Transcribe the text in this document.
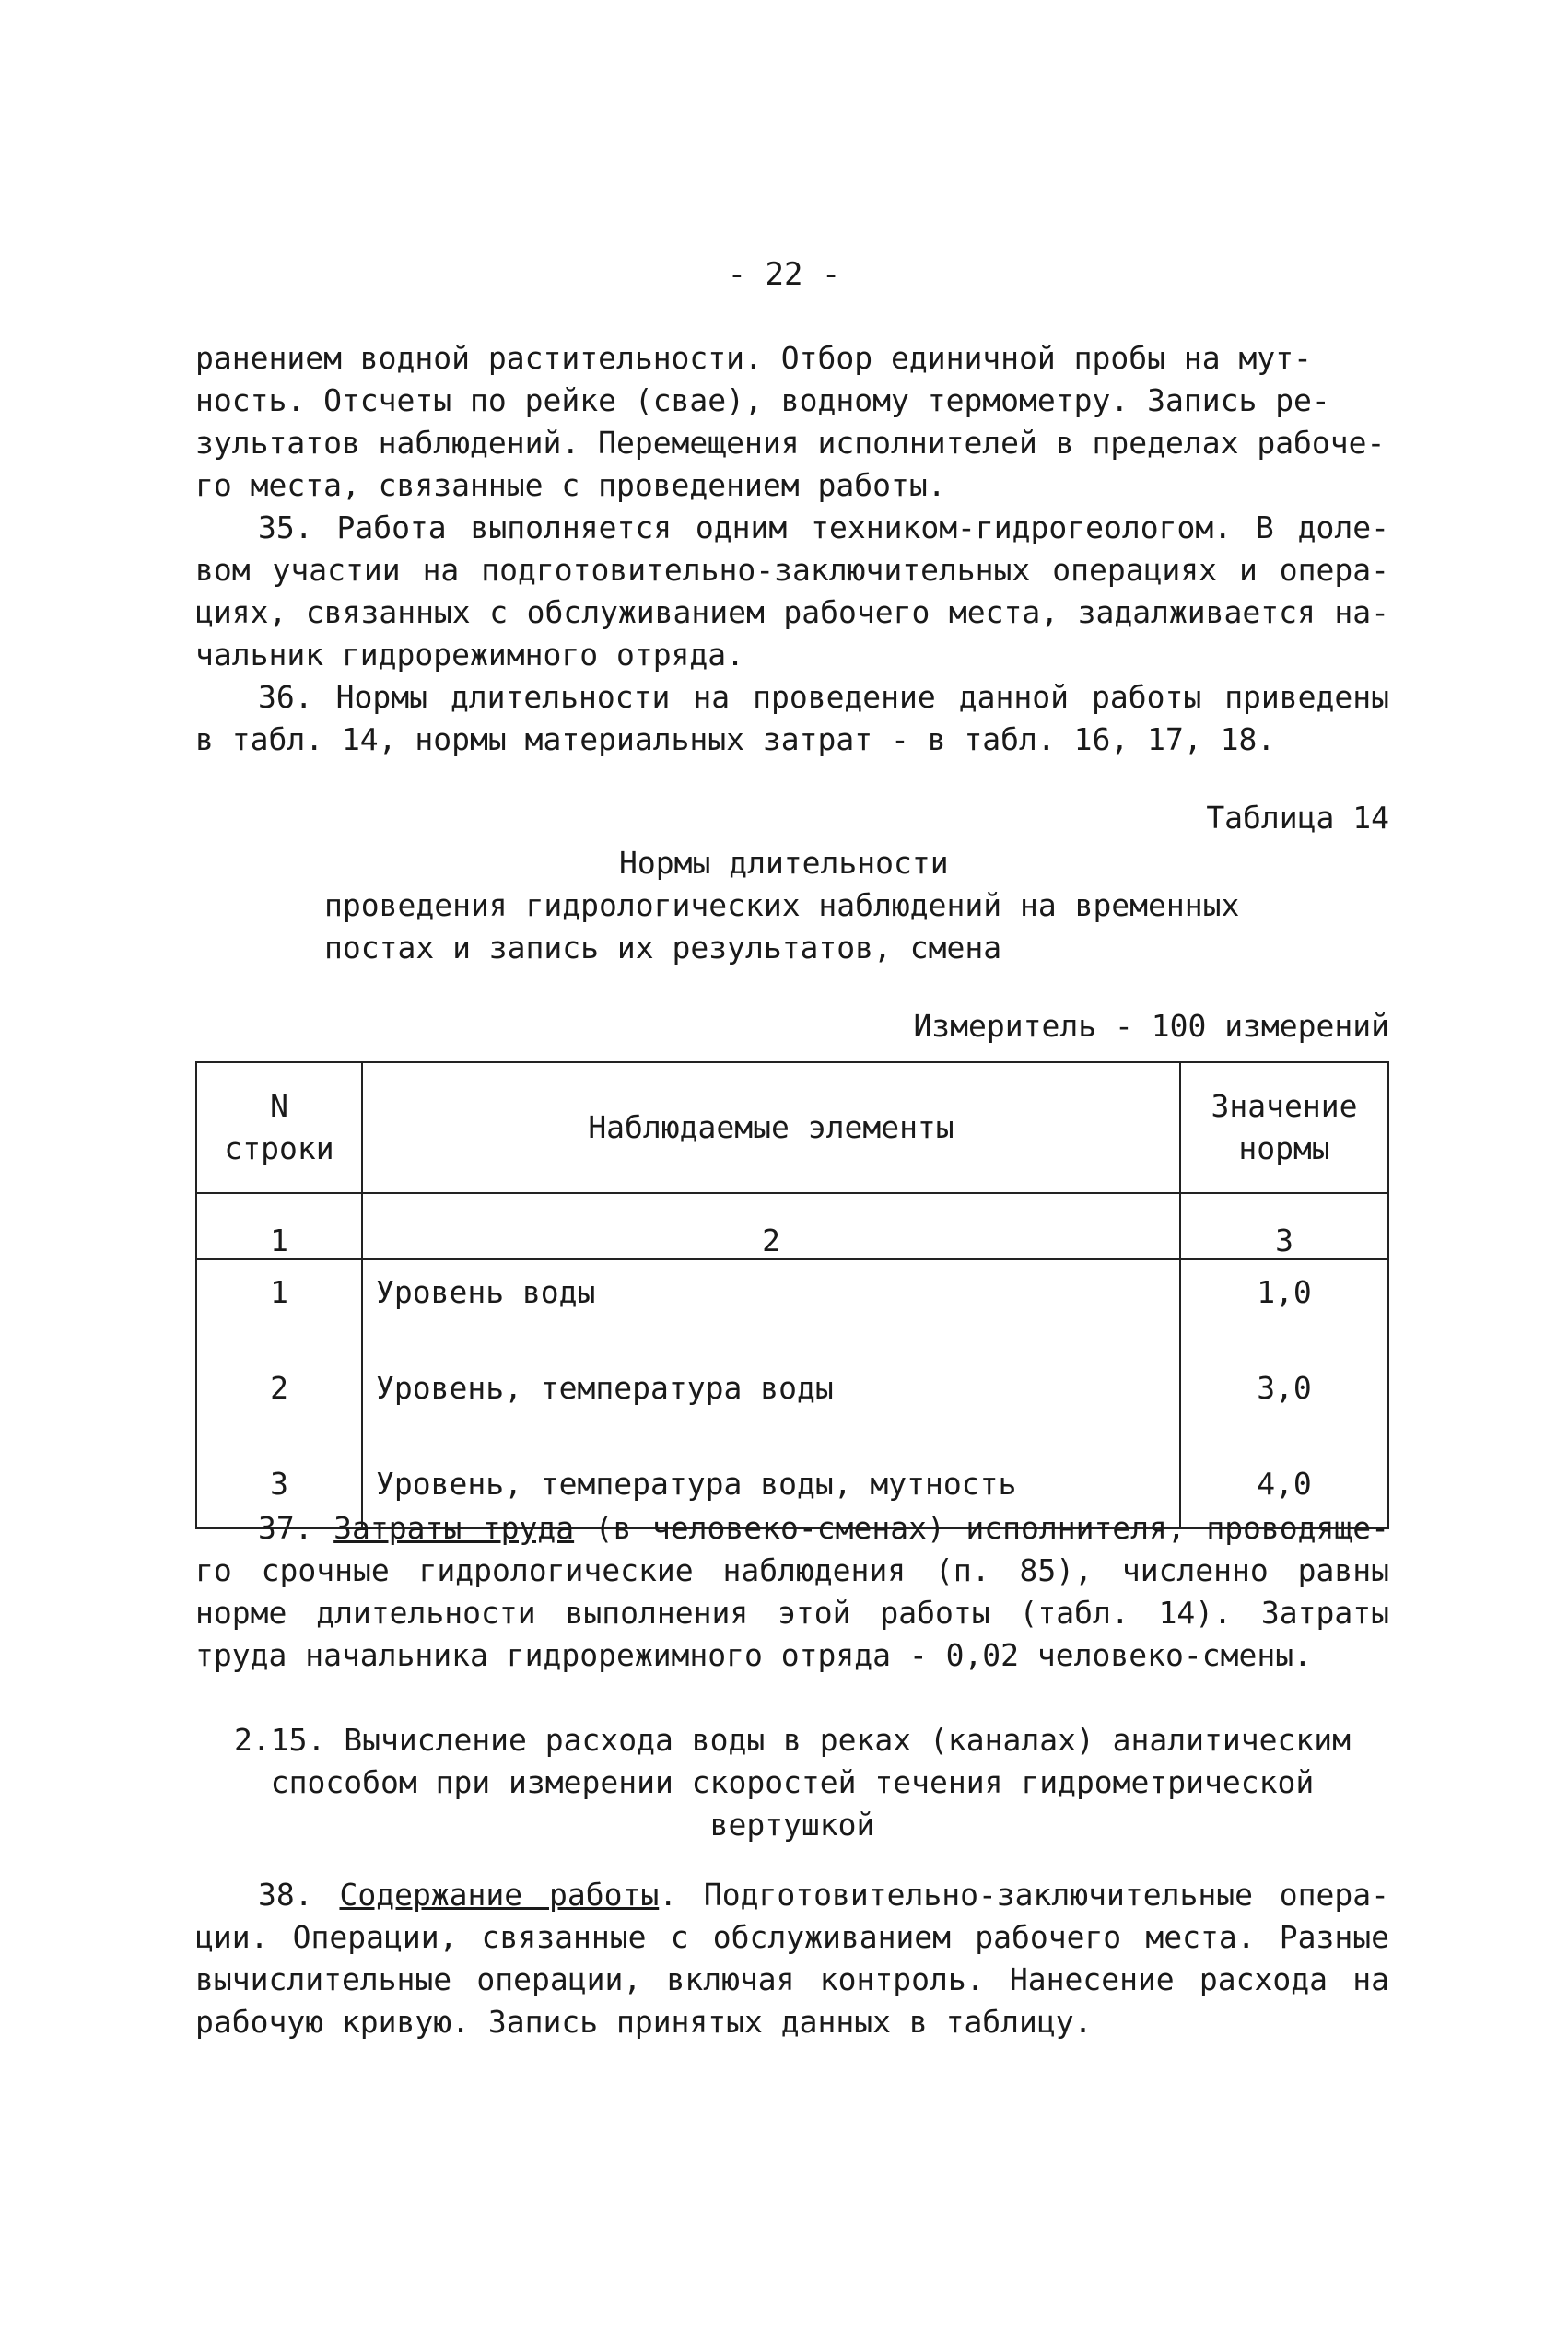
- 22 -

ранением водной растительности. Отбор единичной пробы на мут-

ность. Отсчеты по рейке (свае), водному термометру. Запись ре-

зультатов наблюдений. Перемещения исполнителей в пределах рабоче-

го места, связанные с проведением работы.

35. Работа выполняется одним техником-гидрогеологом. В доле-вом участии на подготовительно-заключительных операциях и опера-циях, связанных с обслуживанием рабочего места, задалживается на-чальник гидрорежимного отряда.

36. Нормы длительности на проведение данной работы приведены в табл. 14, нормы материальных затрат - в табл. 16, 17, 18.

Таблица 14
Нормы длительности
проведения гидрологических наблюдений на временных
постах и запись их результатов, смена
Измеритель - 100 измерений
N строки	Наблюдаемые элементы	Значение нормы
1	2	3
1	Уровень воды	1,0
2	Уровень, температура воды	3,0
3	Уровень, температура воды, мутность	4,0

37. Затраты труда (в человеко-сменах) исполнителя, проводяще-го срочные гидрологические наблюдения (п. 85), численно равны норме длительности выполнения этой работы (табл. 14). Затраты труда начальника гидрорежимного отряда - 0,02 человеко-смены.

2.15. Вычисление расхода воды в реках (каналах) аналитическим
способом при измерении скоростей течения гидрометрической
вертушкой

38. Содержание работы. Подготовительно-заключительные опера-ции. Операции, связанные с обслуживанием рабочего места. Разные вычислительные операции, включая контроль. Нанесение расхода на рабочую кривую. Запись принятых данных в таблицу.
